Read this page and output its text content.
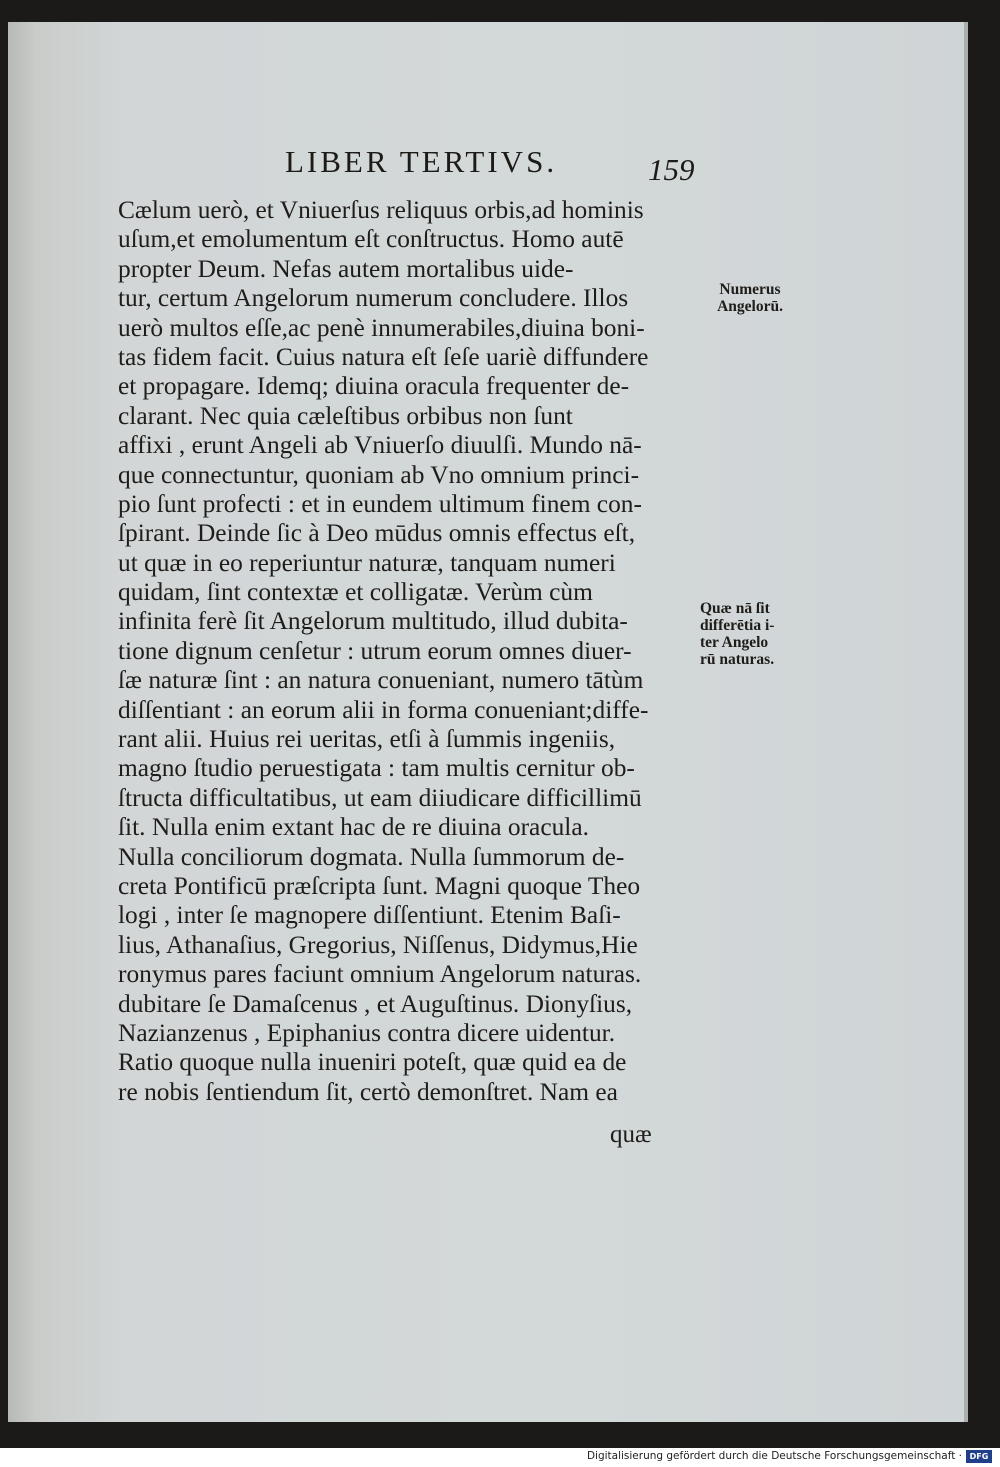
LIBER TERTIVS.	159
Cælum uerò, et Vniuerſus reliquus orbis,ad hominis
uſum,et emolumentum eſt conſtructus. Homo autē
propter Deum. Nefas autem mortalibus uide-
tur, certum Angelorum numerum concludere. Illos
uerò multos eſſe,ac penè innumerabiles,diuina boni-
tas fidem facit. Cuius natura eſt ſeſe uariè diffundere
et propagare. Idemq; diuina oracula frequenter de-
clarant. Nec quia cæleſtibus orbibus non ſunt
affixi , erunt Angeli ab Vniuerſo diuulſi. Mundo nā-
que connectuntur, quoniam ab Vno omnium princi-
pio ſunt profecti : et in eundem ultimum finem con-
ſpirant. Deinde ſic à Deo mūdus omnis effectus eſt,
ut quæ in eo reperiuntur naturæ, tanquam numeri
quidam, ſint contextæ et colligatæ. Verùm cùm
infinita ferè ſit Angelorum multitudo, illud dubita-
tione dignum cenſetur : utrum eorum omnes diuer-
ſæ naturæ ſint : an natura conueniant, numero tātùm
diſſentiant : an eorum alii in forma conueniant;diffe-
rant alii. Huius rei ueritas, etſi à ſummis ingeniis,
magno ſtudio peruestigata : tam multis cernitur ob-
ſtructa difficultatibus, ut eam diiudicare difficillimū
ſit. Nulla enim extant hac de re diuina oracula.
Nulla conciliorum dogmata. Nulla ſummorum de-
creta Pontificū præſcripta ſunt. Magni quoque Theo
logi , inter ſe magnopere diſſentiunt. Etenim Baſi-
lius, Athanaſius, Gregorius, Niſſenus, Didymus,Hie
ronymus pares faciunt omnium Angelorum naturas.
dubitare ſe Damaſcenus , et Auguſtinus. Dionyſius,
Nazianzenus , Epiphanius contra dicere uidentur.
Ratio quoque nulla inueniri poteſt, quæ quid ea de
re nobis ſentiendum ſit, certò demonſtret. Nam ea
quæ
Numerus
Angelorū.
Quæ nā ſit
differētia i-
ter Angelo
rū naturas.
Digitalisierung gefördert durch die Deutsche Forschungsgemeinschaft · DFG
